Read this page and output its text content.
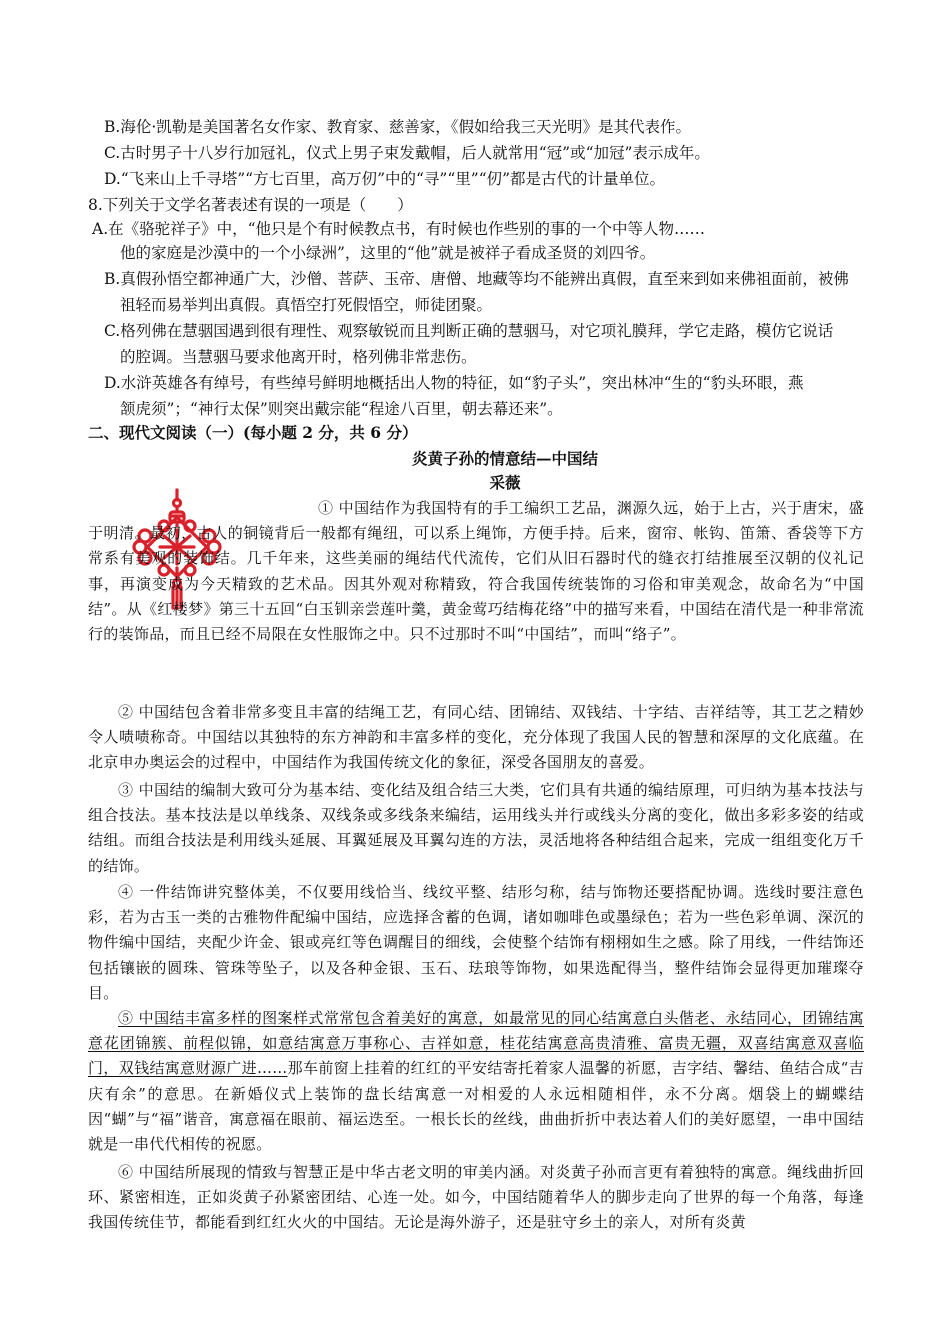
B.海伦·凯勒是美国著名女作家、教育家、慈善家，《假如给我三天光明》是其代表作。
C.古时男子十八岁行加冠礼，仪式上男子束发戴帽，后人就常用“冠”或“加冠”表示成年。
D.“飞来山上千寻塔”“方七百里，高万仞”中的“寻”“里”“仞”都是古代的计量单位。
8.下列关于文学名著表述有误的一项是（　　）
A.在《骆驼祥子》中，“他只是个有时候教点书，有时候也作些别的事的一个中等人物……
他的家庭是沙漠中的一个小绿洲”，这里的“他”就是被祥子看成圣贤的刘四爷。
B.真假孙悟空都神通广大，沙僧、菩萨、玉帝、唐僧、地藏等均不能辨出真假，直至来到如来佛祖面前，被佛
祖轻而易举判出真假。真悟空打死假悟空，师徒团聚。
C.格列佛在慧骃国遇到很有理性、观察敏锐而且判断正确的慧骃马，对它项礼膜拜，学它走路，模仿它说话
的腔调。当慧骃马要求他离开时，格列佛非常悲伤。
D.水浒英雄各有绰号，有些绰号鲜明地概括出人物的特征，如“豹子头”，突出林冲“生的“豹头环眼，燕
颔虎须”；“神行太保”则突出戴宗能“程途八百里，朝去幕还来”。
二、现代文阅读（一）(每小题 2 分，共 6 分）
炎黄子孙的情意结—中国结
采薇
① 中国结作为我国特有的手工编织工艺品，渊源久远，始于上古，兴于唐宋，盛于明清。最初，古人的铜镜背后一般都有绳纽，可以系上绳饰，方便手持。后来，窗帘、帐钩、笛箫、香袋等下方常系有美观的装饰结。几千年来，这些美丽的绳结代代流传，它们从旧石器时代的缝衣打结推展至汉朝的仪礼记事，再演变成为今天精致的艺术品。因其外观对称精致，符合我国传统装饰的习俗和审美观念，故命名为“中国结”。从《红楼梦》第三十五回“白玉钏亲尝莲叶羹，黄金莺巧结梅花络”中的描写来看，中国结在清代是一种非常流行的装饰品，而且已经不局限在女性服饰之中。只不过那时不叫“中国结”，而叫“络子”。
② 中国结包含着非常多变且丰富的结绳工艺，有同心结、团锦结、双钱结、十字结、吉祥结等，其工艺之精妙令人啧啧称奇。中国结以其独特的东方神韵和丰富多样的变化，充分体现了我国人民的智慧和深厚的文化底蕴。在北京申办奥运会的过程中，中国结作为我国传统文化的象征，深受各国朋友的喜爱。
③ 中国结的编制大致可分为基本结、变化结及组合结三大类，它们具有共通的编结原理，可归纳为基本技法与组合技法。基本技法是以单线条、双线条或多线条来编结，运用线头并行或线头分离的变化，做出多彩多姿的结或结组。而组合技法是利用线头延展、耳翼延展及耳翼勾连的方法，灵活地将各种结组合起来，完成一组组变化万千的结饰。
④ 一件结饰讲究整体美，不仅要用线恰当、线纹平整、结形匀称，结与饰物还要搭配协调。选线时要注意色彩，若为古玉一类的古雅物件配编中国结，应选择含蓄的色调，诸如咖啡色或墨绿色；若为一些色彩单调、深沉的物件编中国结，夹配少许金、银或亮红等色调醒目的细线，会使整个结饰有栩栩如生之感。除了用线，一件结饰还包括镶嵌的圆珠、管珠等坠子，以及各种金银、玉石、珐琅等饰物，如果选配得当，整件结饰会显得更加璀璨夺目。
⑤ 中国结丰富多样的图案样式常常包含着美好的寓意，如最常见的同心结寓意白头偕老、永结同心，团锦结寓意花团锦簇、前程似锦，如意结寓意万事称心、吉祥如意，桂花结寓意高贵清雅、富贵无疆，双喜结寓意双喜临门，双钱结寓意财源广进……那车前窗上挂着的红红的平安结寄托着家人温馨的祈愿，吉字结、馨结、鱼结合成“吉庆有余”的意思。在新婚仪式上装饰的盘长结寓意一对相爱的人永远相随相伴，永不分离。烟袋上的蝴蝶结因“蝴”与“福”谐音，寓意福在眼前、福运迭至。一根长长的丝线，曲曲折折中表达着人们的美好愿望，一串中国结就是一串代代相传的祝愿。
⑥ 中国结所展现的情致与智慧正是中华古老文明的审美内涵。对炎黄子孙而言更有着独特的寓意。绳线曲折回环、紧密相连，正如炎黄子孙紧密团结、心连一处。如今，中国结随着华人的脚步走向了世界的每一个角落，每逢我国传统佳节，都能看到红红火火的中国结。无论是海外游子，还是驻守乡土的亲人，对所有炎黄
